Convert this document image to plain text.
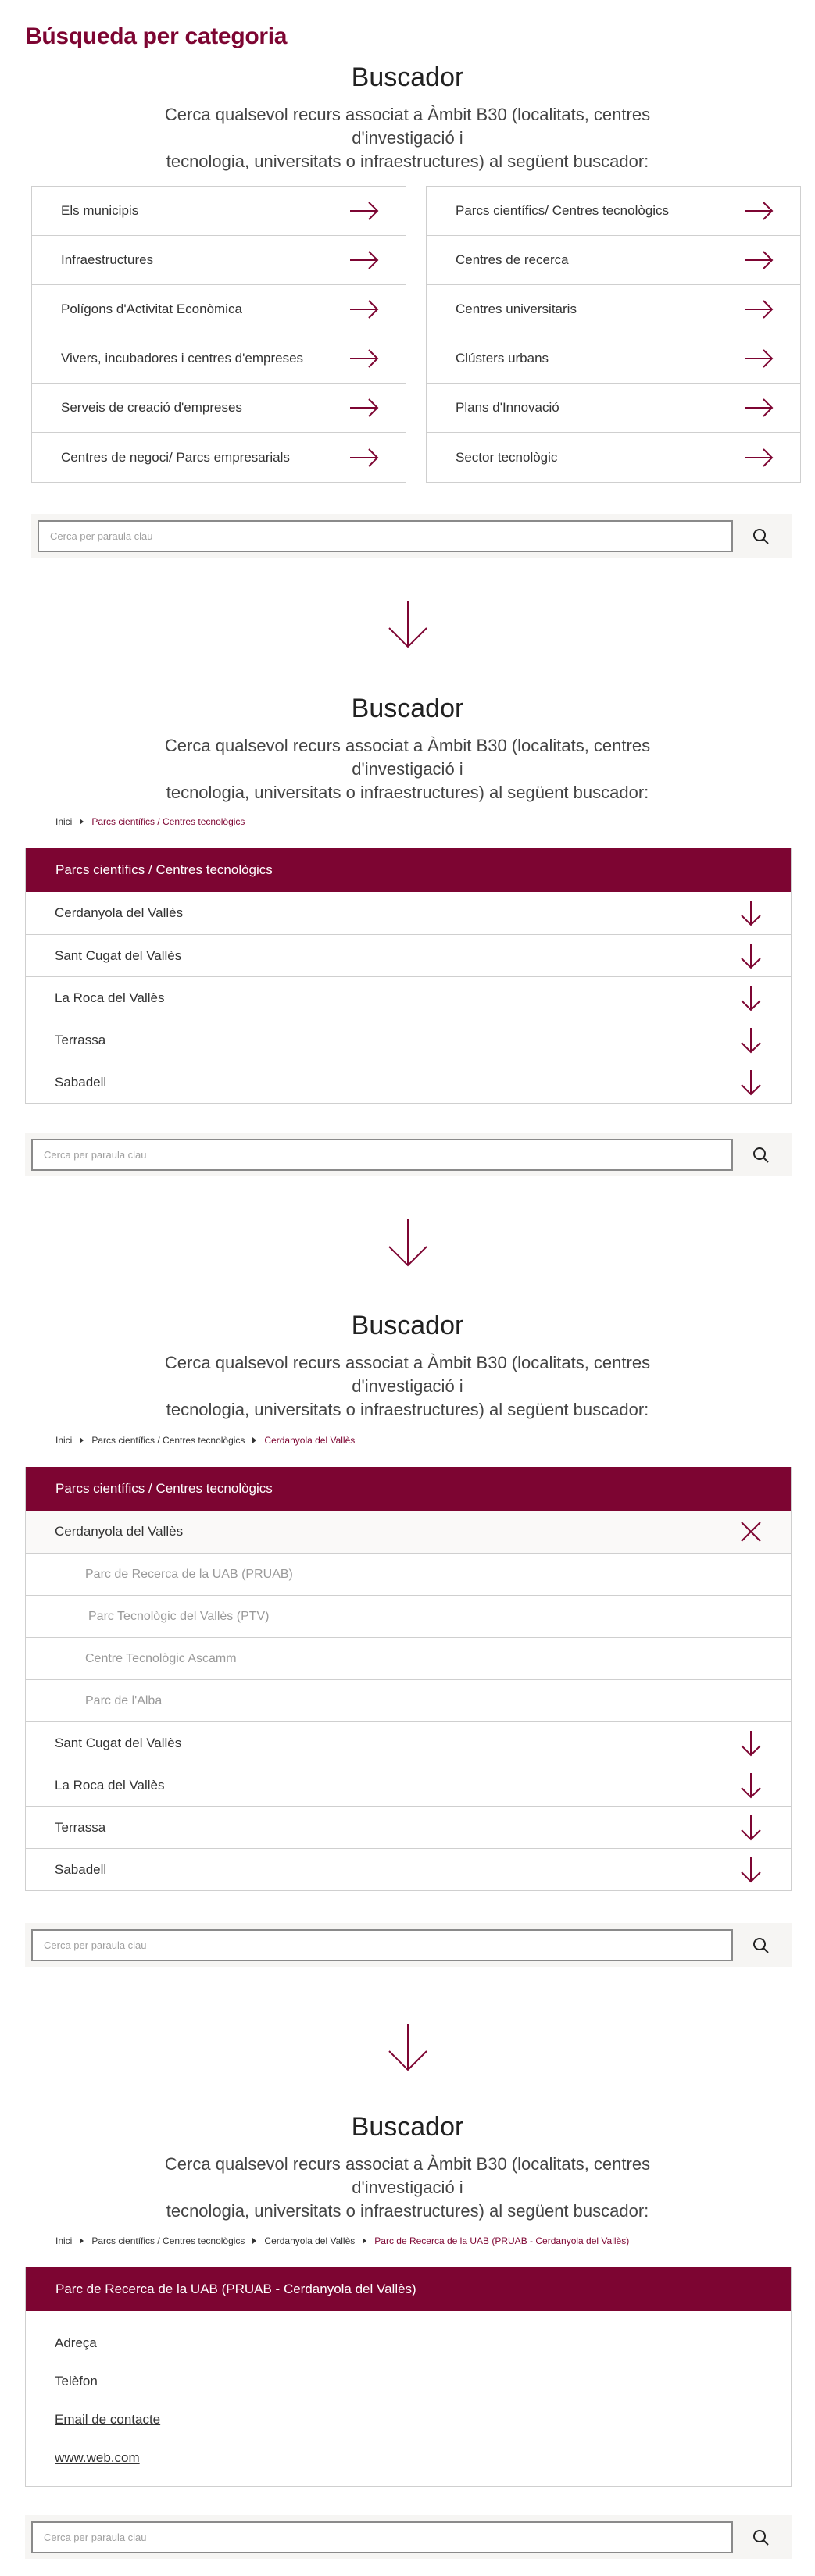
Búsqueda per categoria
Buscador
Cerca qualsevol recurs associat a Àmbit B30 (localitats, centres d'investigació i
tecnologia, universitats o infraestructures) al següent buscador:
Els municipis
Infraestructures
Polígons d'Activitat Econòmica
Vivers, incubadores i centres d'empreses
Serveis de creació d'empreses
Centres de negoci/ Parcs empresarials
Parcs científics/ Centres tecnològics
Centres de recerca
Centres universitaris
Clústers urbans
Plans d'Innovació
Sector tecnològic
Cerca per paraula clau
Buscador
Cerca qualsevol recurs associat a Àmbit B30 (localitats, centres d'investigació i
tecnologia, universitats o infraestructures) al següent buscador:
Inici Parcs científics / Centres tecnològics
Parcs científics / Centres tecnològics
Cerdanyola del Vallès
Sant Cugat del Vallès
La Roca del Vallès
Terrassa
Sabadell
Cerca per paraula clau
Buscador
Cerca qualsevol recurs associat a Àmbit B30 (localitats, centres d'investigació i
tecnologia, universitats o infraestructures) al següent buscador:
Inici Parcs científics / Centres tecnològics Cerdanyola del Vallès
Parcs científics / Centres tecnològics
Cerdanyola del Vallès
Parc de Recerca de la UAB (PRUAB)
Parc Tecnològic del Vallès (PTV)
Centre Tecnològic Ascamm
Parc de l'Alba
Sant Cugat del Vallès
La Roca del Vallès
Terrassa
Sabadell
Cerca per paraula clau
Buscador
Cerca qualsevol recurs associat a Àmbit B30 (localitats, centres d'investigació i
tecnologia, universitats o infraestructures) al següent buscador:
Inici Parcs científics / Centres tecnològics Cerdanyola del Vallès Parc de Recerca de la UAB (PRUAB - Cerdanyola del Vallès)
Parc de Recerca de la UAB (PRUAB - Cerdanyola del Vallès)
Adreça
Telèfon
Email de contacte
www.web.com
Cerca per paraula clau
